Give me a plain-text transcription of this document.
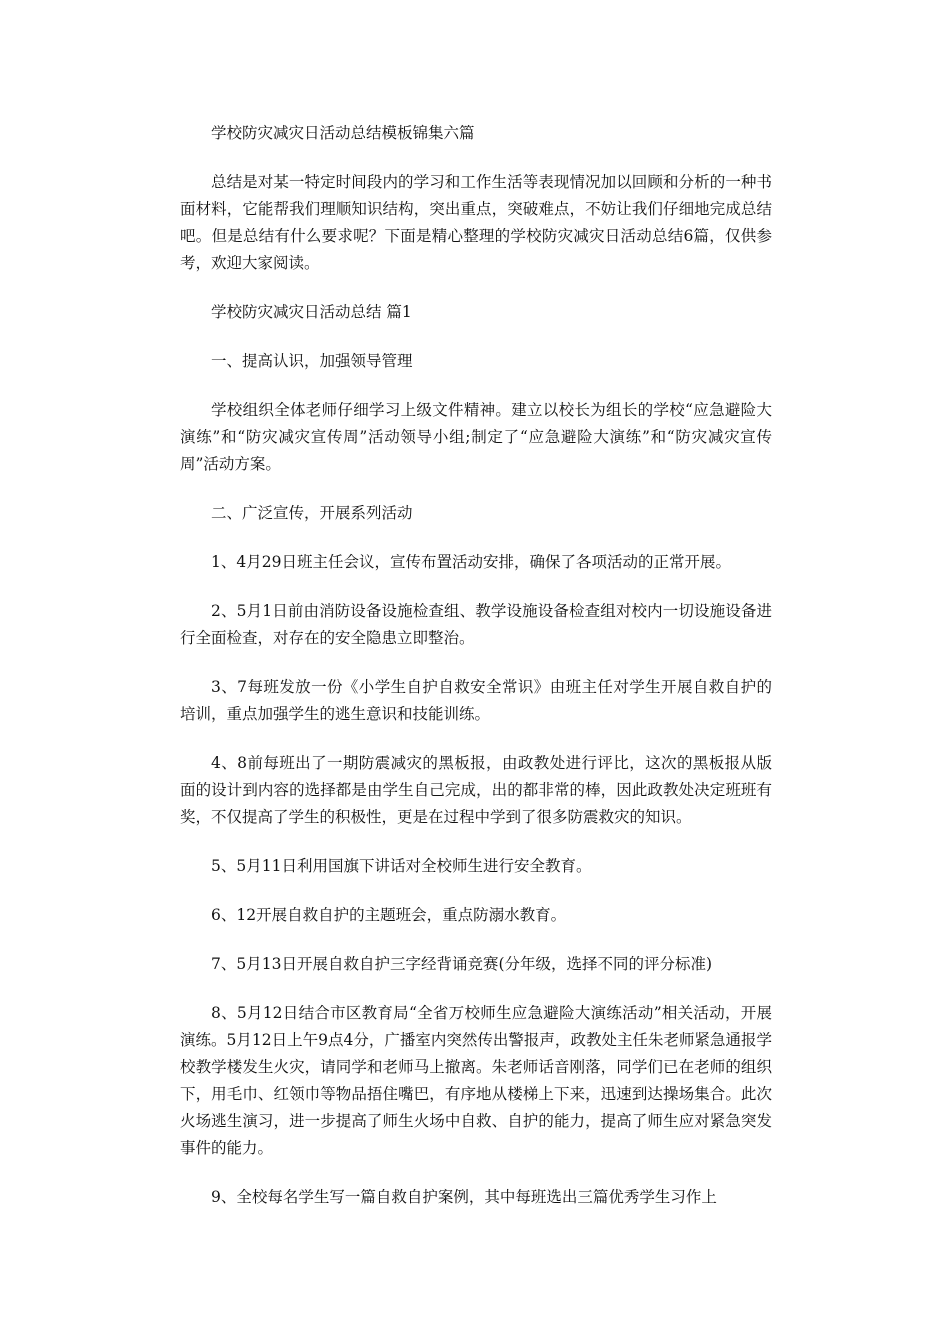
学校防灾减灾日活动总结模板锦集六篇

总结是对某一特定时间段内的学习和工作生活等表现情况加以回顾和分析的一种书面材料，它能帮我们理顺知识结构，突出重点，突破难点，不妨让我们仔细地完成总结吧。但是总结有什么要求呢？下面是精心整理的学校防灾减灾日活动总结6篇，仅供参考，欢迎大家阅读。

学校防灾减灾日活动总结 篇1

一、提高认识，加强领导管理

学校组织全体老师仔细学习上级文件精神。建立以校长为组长的学校“应急避险大演练”和“防灾减灾宣传周”活动领导小组;制定了“应急避险大演练”和“防灾减灾宣传周”活动方案。

二、广泛宣传，开展系列活动

1、4月29日班主任会议，宣传布置活动安排，确保了各项活动的正常开展。

2、5月1日前由消防设备设施检查组、教学设施设备检查组对校内一切设施设备进行全面检查，对存在的安全隐患立即整治。

3、7每班发放一份《小学生自护自救安全常识》由班主任对学生开展自救自护的培训，重点加强学生的逃生意识和技能训练。

4、8前每班出了一期防震减灾的黑板报，由政教处进行评比，这次的黑板报从版面的设计到内容的选择都是由学生自己完成，出的都非常的棒，因此政教处决定班班有奖，不仅提高了学生的积极性，更是在过程中学到了很多防震救灾的知识。

5、5月11日利用国旗下讲话对全校师生进行安全教育。

6、12开展自救自护的主题班会，重点防溺水教育。

7、5月13日开展自救自护三字经背诵竞赛(分年级，选择不同的评分标准)

8、5月12日结合市区教育局“全省万校师生应急避险大演练活动”相关活动，开展演练。5月12日上午9点4分，广播室内突然传出警报声，政教处主任朱老师紧急通报学校教学楼发生火灾，请同学和老师马上撤离。朱老师话音刚落，同学们已在老师的组织下，用毛巾、红领巾等物品捂住嘴巴，有序地从楼梯上下来，迅速到达操场集合。此次火场逃生演习，进一步提高了师生火场中自救、自护的能力，提高了师生应对紧急突发事件的能力。

9、全校每名学生写一篇自救自护案例，其中每班选出三篇优秀学生习作上
